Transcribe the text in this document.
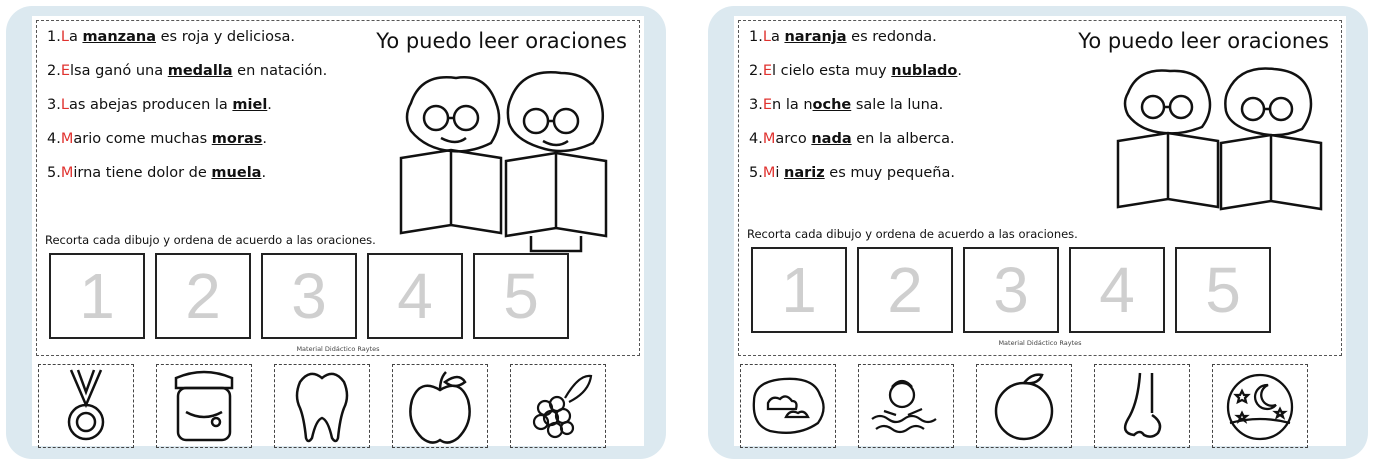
Yo puedo leer oraciones
1.La manzana es roja y deliciosa.
2.Elsa ganó una medalla en natación.
3.Las abejas producen la miel.
4.Mario come muchas moras.
5.Mirna tiene dolor de muela.
Recorta cada dibujo y ordena de acuerdo a las oraciones.
1	2	3	4	5
Material Didáctico Raytes
Yo puedo leer oraciones
1.La naranja es redonda.
2.El cielo esta muy nublado.
3.En la noche sale la luna.
4.Marco nada en la alberca.
5.Mi nariz es muy pequeña.
Recorta cada dibujo y ordena de acuerdo a las oraciones.
1	2	3	4	5
Material Didáctico Raytes
